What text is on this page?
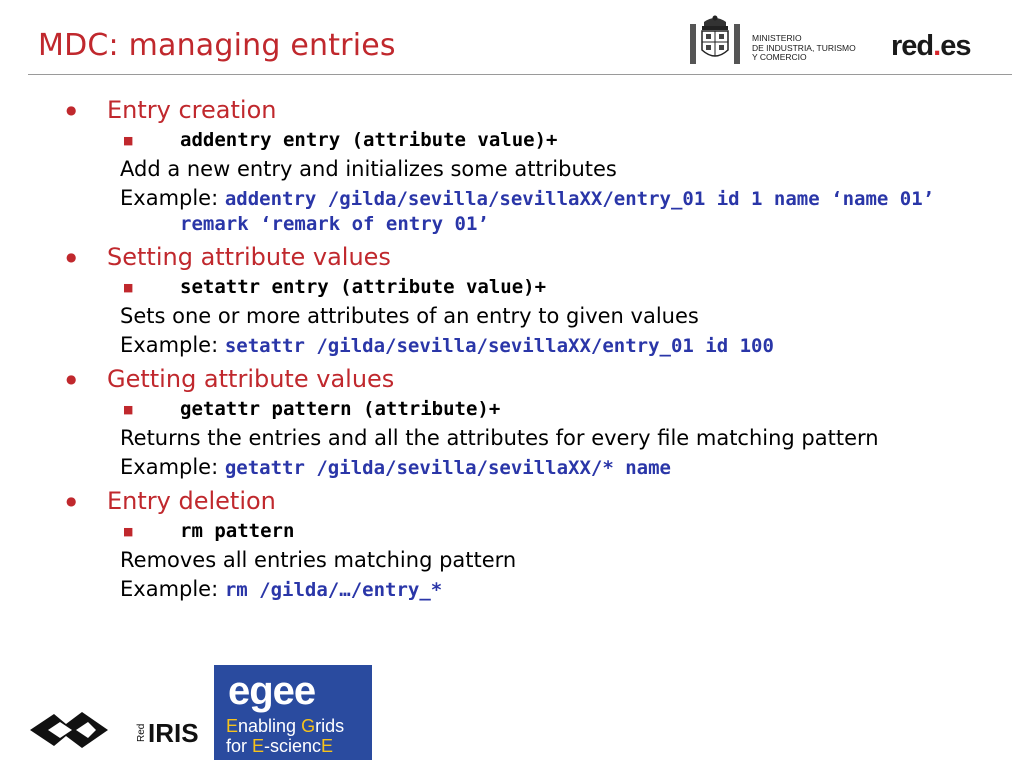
MDC: managing entries	MINISTERIO
DE INDUSTRIA, TURISMO
Y COMERCIO	red.es
● Entry creation
■ addentry entry (attribute value)+
Add a new entry and initializes some attributes
Example: addentry /gilda/sevilla/sevillaXX/entry_01 id 1 name ‘name 01’ remark ‘remark of entry 01’
● Setting attribute values
■ setattr entry (attribute value)+
Sets one or more attributes of an entry to given values
Example: setattr /gilda/sevilla/sevillaXX/entry_01 id 100
● Getting attribute values
■ getattr pattern (attribute)+
Returns the entries and all the attributes for every file matching pattern
Example: getattr /gilda/sevilla/sevillaXX/* name
● Entry deletion
■ rm pattern
Removes all entries matching pattern
Example: rm /gilda/…/entry_*
Red IRIS
egee
Enabling Grids
for E-sciencE
